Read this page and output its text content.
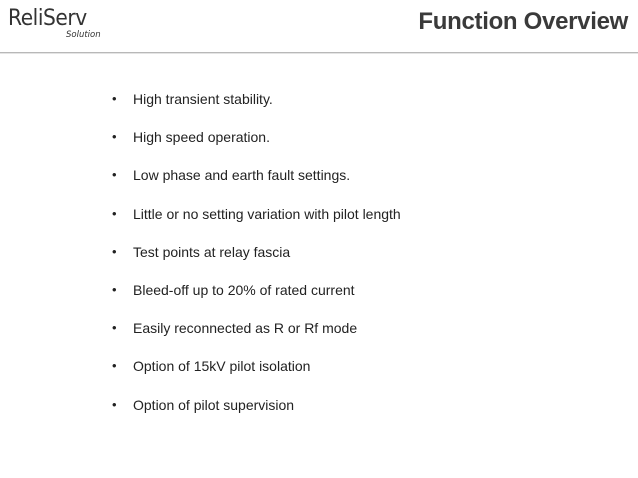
ReliServ
Solution	Function Overview
• High transient stability.
• High speed operation.
• Low phase and earth fault settings.
• Little or no setting variation with pilot length
• Test points at relay fascia
• Bleed-off up to 20% of rated current
• Easily reconnected as R or Rf mode
• Option of 15kV pilot isolation
• Option of pilot supervision
